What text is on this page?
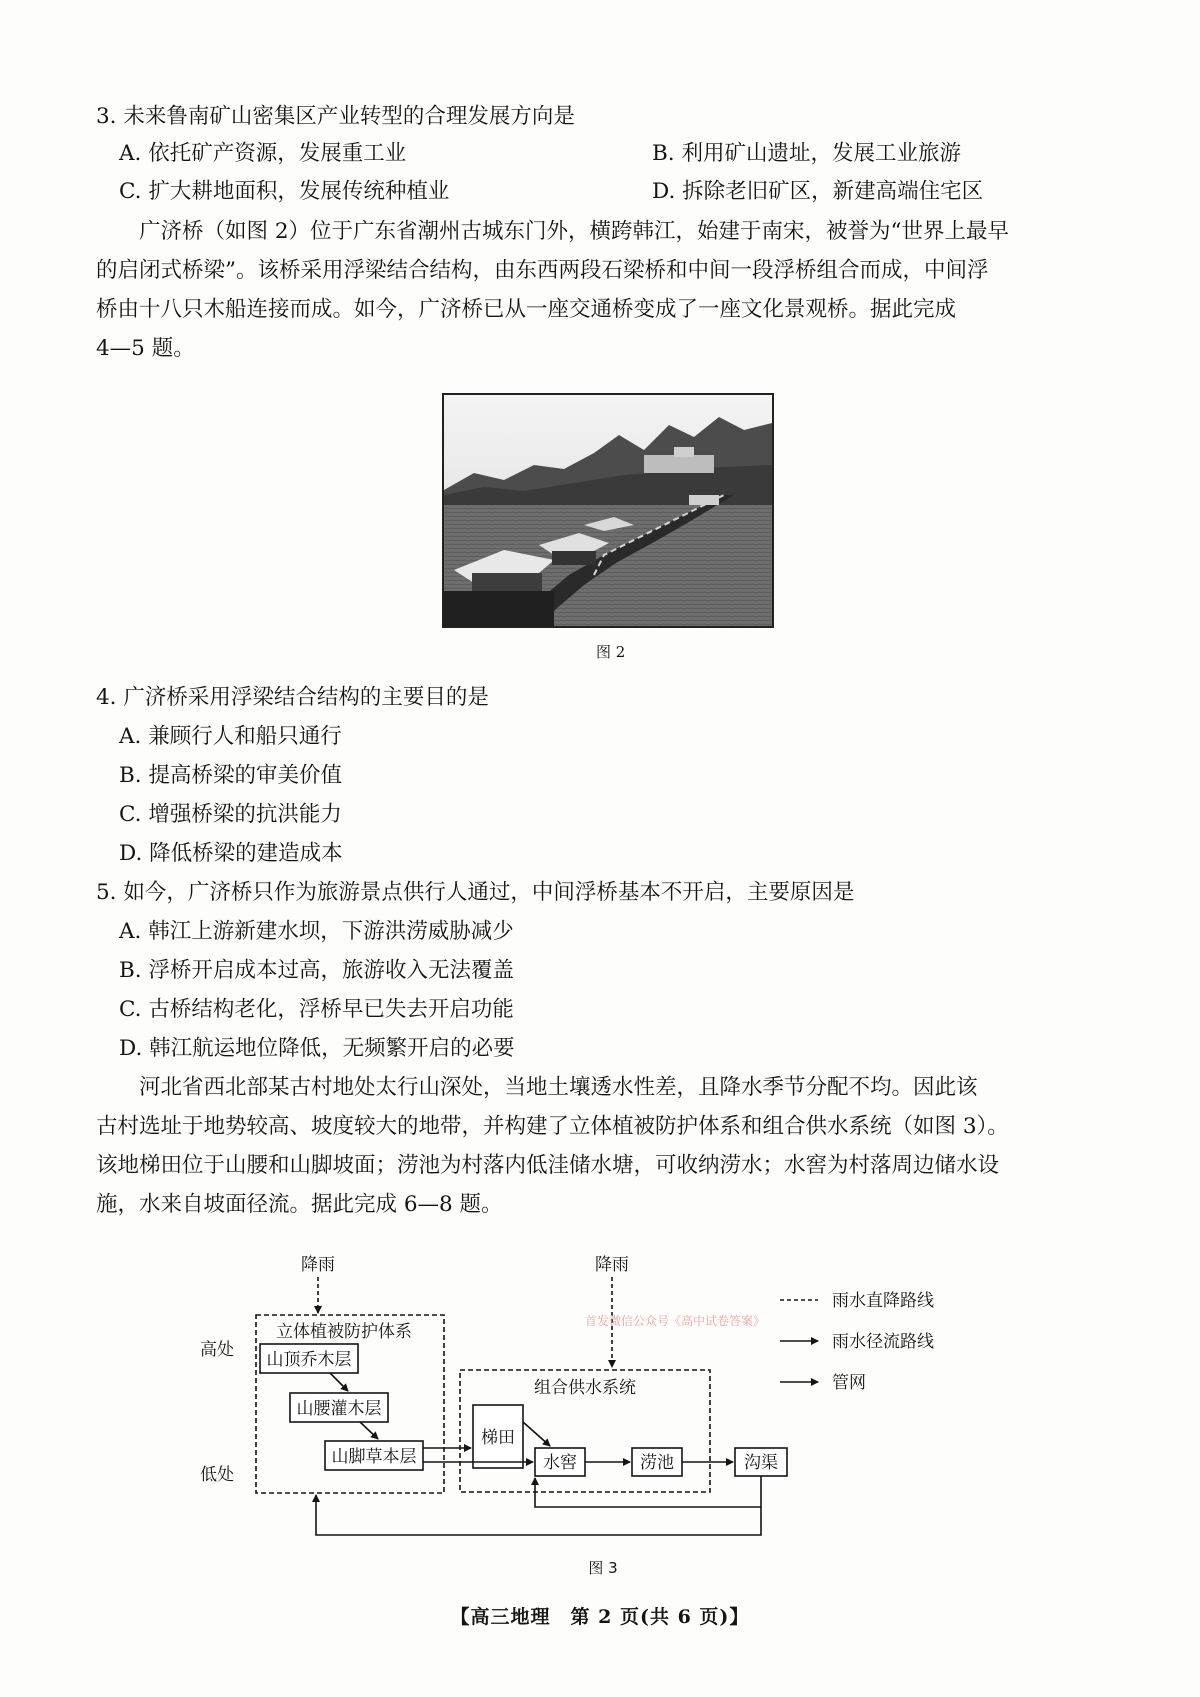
3. 未来鲁南矿山密集区产业转型的合理发展方向是
A. 依托矿产资源，发展重工业	B. 利用矿山遗址，发展工业旅游
C. 扩大耕地面积，发展传统种植业	D. 拆除老旧矿区，新建高端住宅区
广济桥（如图 2）位于广东省潮州古城东门外，横跨韩江，始建于南宋，被誉为“世界上最早
的启闭式桥梁”。该桥采用浮梁结合结构，由东西两段石梁桥和中间一段浮桥组合而成，中间浮
桥由十八只木船连接而成。如今，广济桥已从一座交通桥变成了一座文化景观桥。据此完成
4—5 题。
图 2
4. 广济桥采用浮梁结合结构的主要目的是
A. 兼顾行人和船只通行
B. 提高桥梁的审美价值
C. 增强桥梁的抗洪能力
D. 降低桥梁的建造成本
5. 如今，广济桥只作为旅游景点供行人通过，中间浮桥基本不开启，主要原因是
A. 韩江上游新建水坝，下游洪涝威胁减少
B. 浮桥开启成本过高，旅游收入无法覆盖
C. 古桥结构老化，浮桥早已失去开启功能
D. 韩江航运地位降低，无频繁开启的必要
河北省西北部某古村地处太行山深处，当地土壤透水性差，且降水季节分配不均。因此该
古村选址于地势较高、坡度较大的地带，并构建了立体植被防护体系和组合供水系统（如图 3）。
该地梯田位于山腰和山脚坡面；涝池为村落内低洼储水塘，可收纳涝水；水窖为村落周边储水设
施，水来自坡面径流。据此完成 6—8 题。
降雨	降雨
首发微信公众号《高中试卷答案》
高处
低处
立体植被防护体系
山顶乔木层
山腰灌木层
山脚草本层
组合供水系统
梯田
水窖	涝池	沟渠
雨水直降路线
雨水径流路线
管网
图 3
【高三地理　第 2 页(共 6 页)】
